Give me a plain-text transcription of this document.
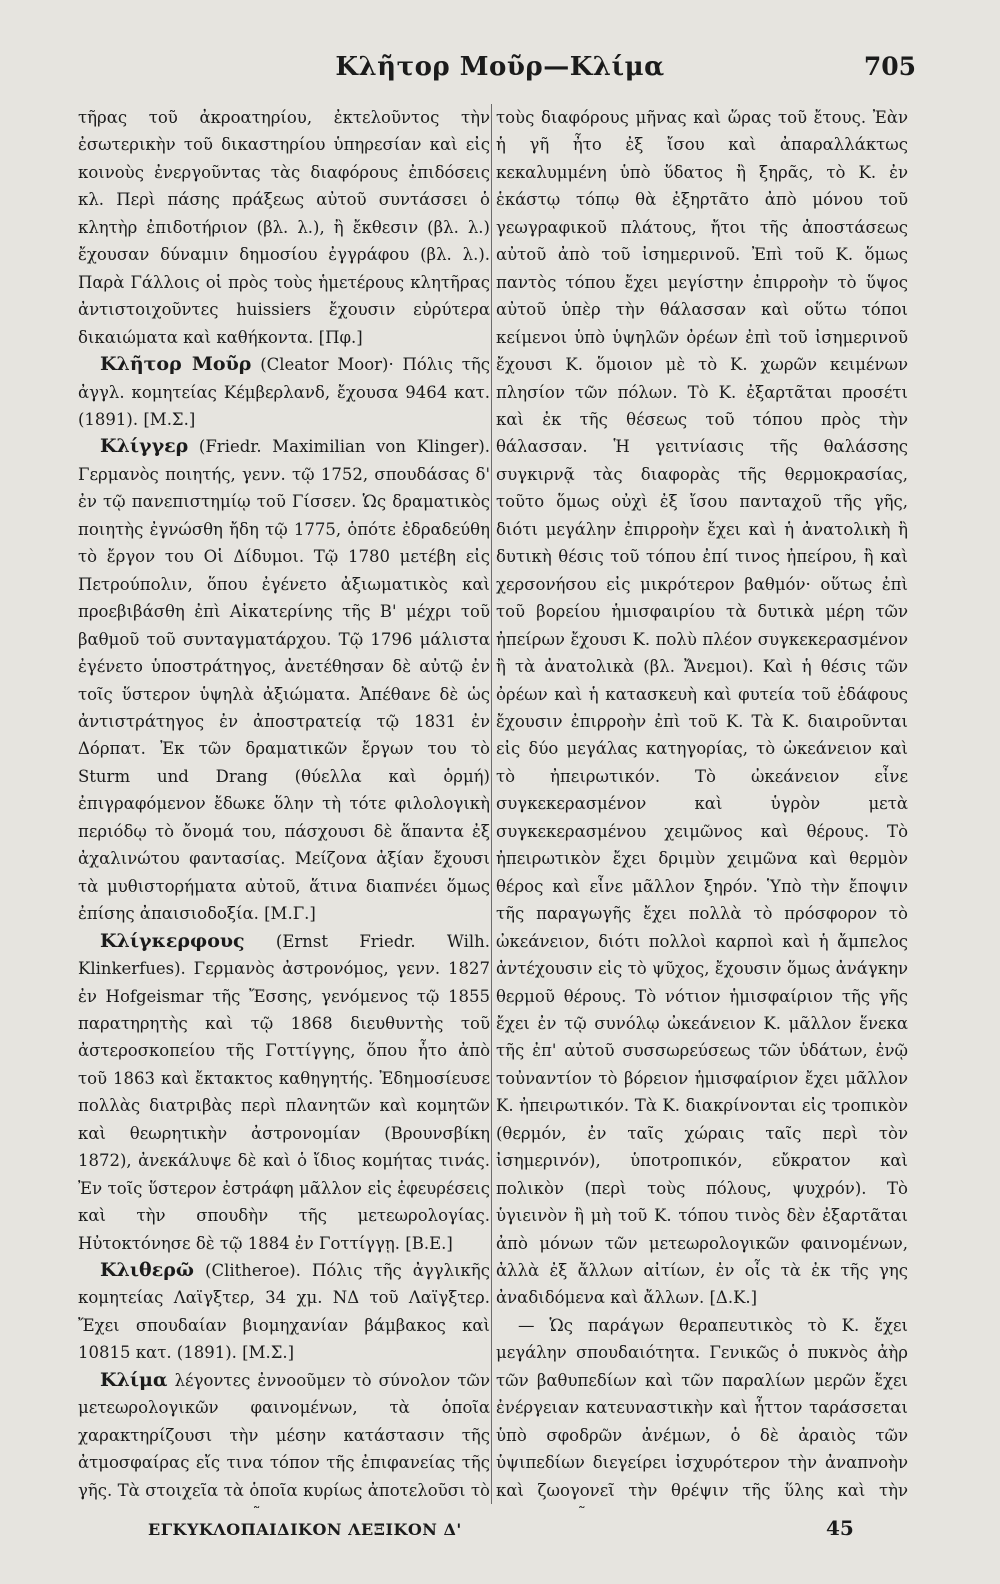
Κλῆτορ Μοῦρ—Κλίμα	705

τῆρας τοῦ ἀκροατηρίου, ἐκτελοῦντος τὴν ἐσωτερικὴν τοῦ δικαστηρίου ὑπηρεσίαν καὶ εἰς κοινοὺς ἐνεργοῦντας τὰς διαφόρους ἐπιδόσεις κλ. Περὶ πάσης πράξεως αὐτοῦ συντάσσει ὁ κλητὴρ ἐπιδοτήριον (βλ. λ.), ἢ ἔκθεσιν (βλ. λ.) ἔχουσαν δύναμιν δημοσίου ἐγγράφου (βλ. λ.). Παρὰ Γάλλοις οἱ πρὸς τοὺς ἡμετέρους κλητῆρας ἀντιστοιχοῦντες huissiers ἔχουσιν εὐρύτερα δικαιώματα καὶ καθήκοντα. [Πφ.]

Κλῆτορ Μοῦρ (Cleator Moor)· Πόλις τῆς ἀγγλ. κομητείας Κέμβερλανδ, ἔχουσα 9464 κατ. (1891). [Μ.Σ.]

Κλίγγερ (Friedr. Maximilian von Klinger). Γερμανὸς ποιητής, γενν. τῷ 1752, σπουδάσας δ' ἐν τῷ πανεπιστημίῳ τοῦ Γίσσεν. Ὡς δραματικὸς ποιητὴς ἐγνώσθη ἤδη τῷ 1775, ὁπότε ἐδραδεύθη τὸ ἔργον του Οἱ Δίδυμοι. Τῷ 1780 μετέβη εἰς Πετρούπολιν, ὅπου ἐγένετο ἀξιωματικὸς καὶ προεβιβάσθη ἐπὶ Αἰκατερίνης τῆς Β' μέχρι τοῦ βαθμοῦ τοῦ συνταγματάρχου. Τῷ 1796 μάλιστα ἐγένετο ὑποστράτηγος, ἀνετέθησαν δὲ αὐτῷ ἐν τοῖς ὕστερον ὑψηλὰ ἀξιώματα. Ἀπέθανε δὲ ὡς ἀντιστράτηγος ἐν ἀποστρατείᾳ τῷ 1831 ἐν Δόρπατ. Ἐκ τῶν δραματικῶν ἔργων του τὸ Sturm und Drang (θύελλα καὶ ὁρμή) ἐπιγραφόμενον ἔδωκε ὅλην τὴ τότε φιλολογικὴ περιόδῳ τὸ ὄνομά του, πάσχουσι δὲ ἅπαντα ἐξ ἀχαλινώτου φαντασίας. Μείζονα ἀξίαν ἔχουσι τὰ μυθιστορήματα αὐτοῦ, ἅτινα διαπνέει ὅμως ἐπίσης ἀπαισιοδοξία. [Μ.Γ.]

Κλίγκερφους (Ernst Friedr. Wilh. Klinkerfues). Γερμανὸς ἀστρονόμος, γενν. 1827 ἐν Hofgeismar τῆς Ἔσσης, γενόμενος τῷ 1855 παρατηρητὴς καὶ τῷ 1868 διευθυντὴς τοῦ ἀστεροσκοπείου τῆς Γοττίγγης, ὅπου ἦτο ἀπὸ τοῦ 1863 καὶ ἔκτακτος καθηγητής. Ἐδημοσίευσε πολλὰς διατριβὰς περὶ πλανητῶν καὶ κομητῶν καὶ θεωρητικὴν ἀστρονομίαν (Βρουνσβίκη 1872), ἀνεκάλυψε δὲ καὶ ὁ ἴδιος κομήτας τινάς. Ἐν τοῖς ὕστερον ἐστράφη μᾶλλον εἰς ἐφευρέσεις καὶ τὴν σπουδὴν τῆς μετεωρολογίας. Ηὐτοκτόνησε δὲ τῷ 1884 ἐν Γοττίγγῃ. [Β.Ε.]

Κλιθερῶ (Clitheroe). Πόλις τῆς ἀγγλικῆς κομητείας Λαϊγξτερ, 34 χμ. ΝΔ τοῦ Λαϊγξτερ. Ἔχει σπουδαίαν βιομηχανίαν βάμβακος καὶ 10815 κατ. (1891). [Μ.Σ.]

Κλίμα λέγοντες ἐννοοῦμεν τὸ σύνολον τῶν μετεωρολογικῶν φαινομένων, τὰ ὁποῖα χαρακτηρίζουσι τὴν μέσην κατάστασιν τῆς ἀτμοσφαίρας εἴς τινα τόπον τῆς ἐπιφανείας τῆς γῆς. Τὰ στοιχεῖα τὰ ὁποῖα κυρίως ἀποτελοῦσι τὸ

τοὺς διαφόρους μῆνας καὶ ὥρας τοῦ ἔτους. Ἐὰν ἡ γῆ ἦτο ἐξ ἴσου καὶ ἀπαραλλάκτως κεκαλυμμένη ὑπὸ ὕδατος ἢ ξηρᾶς, τὸ Κ. ἐν ἑκάστῳ τόπῳ θὰ ἐξηρτᾶτο ἀπὸ μόνου τοῦ γεωγραφικοῦ πλάτους, ἤτοι τῆς ἀποστάσεως αὐτοῦ ἀπὸ τοῦ ἰσημερινοῦ. Ἐπὶ τοῦ Κ. ὅμως παντὸς τόπου ἔχει μεγίστην ἐπιρροὴν τὸ ὕψος αὐτοῦ ὑπὲρ τὴν θάλασσαν καὶ οὕτω τόποι κείμενοι ὑπὸ ὑψηλῶν ὀρέων ἐπὶ τοῦ ἰσημερινοῦ ἔχουσι Κ. ὅμοιον μὲ τὸ Κ. χωρῶν κειμένων πλησίον τῶν πόλων. Τὸ Κ. ἐξαρτᾶται προσέτι καὶ ἐκ τῆς θέσεως τοῦ τόπου πρὸς τὴν θάλασσαν. Ἡ γειτνίασις τῆς θαλάσσης συγκιρνᾷ τὰς διαφορὰς τῆς θερμοκρασίας, τοῦτο ὅμως οὐχὶ ἐξ ἴσου πανταχοῦ τῆς γῆς, διότι μεγάλην ἐπιρροὴν ἔχει καὶ ἡ ἀνατολικὴ ἢ δυτικὴ θέσις τοῦ τόπου ἐπί τινος ἠπείρου, ἢ καὶ χερσονήσου εἰς μικρότερον βαθμόν· οὕτως ἐπὶ τοῦ βορείου ἡμισφαιρίου τὰ δυτικὰ μέρη τῶν ἠπείρων ἔχουσι Κ. πολὺ πλέον συγκεκερασμένον ἢ τὰ ἀνατολικὰ (βλ. Ἄνεμοι). Καὶ ἡ θέσις τῶν ὀρέων καὶ ἡ κατασκευὴ καὶ φυτεία τοῦ ἐδάφους ἔχουσιν ἐπιρροὴν ἐπὶ τοῦ Κ. Τὰ Κ. διαιροῦνται εἰς δύο μεγάλας κατηγορίας, τὸ ὠκεάνειον καὶ τὸ ἠπειρωτικόν. Τὸ ὠκεάνειον εἶνε συγκεκερασμένον καὶ ὑγρὸν μετὰ συγκεκερασμένου χειμῶνος καὶ θέρους. Τὸ ἠπειρωτικὸν ἔχει δριμὺν χειμῶνα καὶ θερμὸν θέρος καὶ εἶνε μᾶλλον ξηρόν. Ὑπὸ τὴν ἔποψιν τῆς παραγωγῆς ἔχει πολλὰ τὸ πρόσφορον τὸ ὠκεάνειον, διότι πολλοὶ καρποὶ καὶ ἡ ἄμπελος ἀντέχουσιν εἰς τὸ ψῦχος, ἔχουσιν ὅμως ἀνάγκην θερμοῦ θέρους. Τὸ νότιον ἡμισφαίριον τῆς γῆς ἔχει ἐν τῷ συνόλῳ ὠκεάνειον Κ. μᾶλλον ἕνεκα τῆς ἐπ' αὐτοῦ συσσωρεύσεως τῶν ὑδάτων, ἐνῷ τοὐναντίον τὸ βόρειον ἡμισφαίριον ἔχει μᾶλλον Κ. ἠπειρωτικόν. Τὰ Κ. διακρίνονται εἰς τροπικὸν (θερμόν, ἐν ταῖς χώραις ταῖς περὶ τὸν ἰσημερινόν), ὑποτροπικόν, εὔκρατον καὶ πολικὸν (περὶ τοὺς πόλους, ψυχρόν). Τὸ ὑγιεινὸν ἢ μὴ τοῦ Κ. τόπου τινὸς δὲν ἐξαρτᾶται ἀπὸ μόνων τῶν μετεωρολογικῶν φαινομένων, ἀλλὰ ἐξ ἄλλων αἰτίων, ἐν οἷς τὰ ἐκ τῆς γης ἀναδιδόμενα καὶ ἄλλων. [Δ.Κ.]

— Ὡς παράγων θεραπευτικὸς τὸ Κ. ἔχει μεγάλην σπουδαιότητα. Γενικῶς ὁ πυκνὸς ἀὴρ τῶν βαθυπεδίων καὶ τῶν παραλίων μερῶν ἔχει ἐνέργειαν κατευναστικὴν καὶ ἧττον ταράσσεται ὑπὸ σφοδρῶν ἀνέμων, ὁ δὲ ἀραιὸς τῶν ὑψιπεδίων διεγείρει ἰσχυρότερον τὴν ἀναπνοὴν καὶ ζωογονεῖ τὴν θρέψιν τῆς ὕλης καὶ τὴν

ΕΓΚΥΚΛΟΠΑΙΔΙΚΟΝ ΛΕΞΙΚΟΝ Δ'	45
